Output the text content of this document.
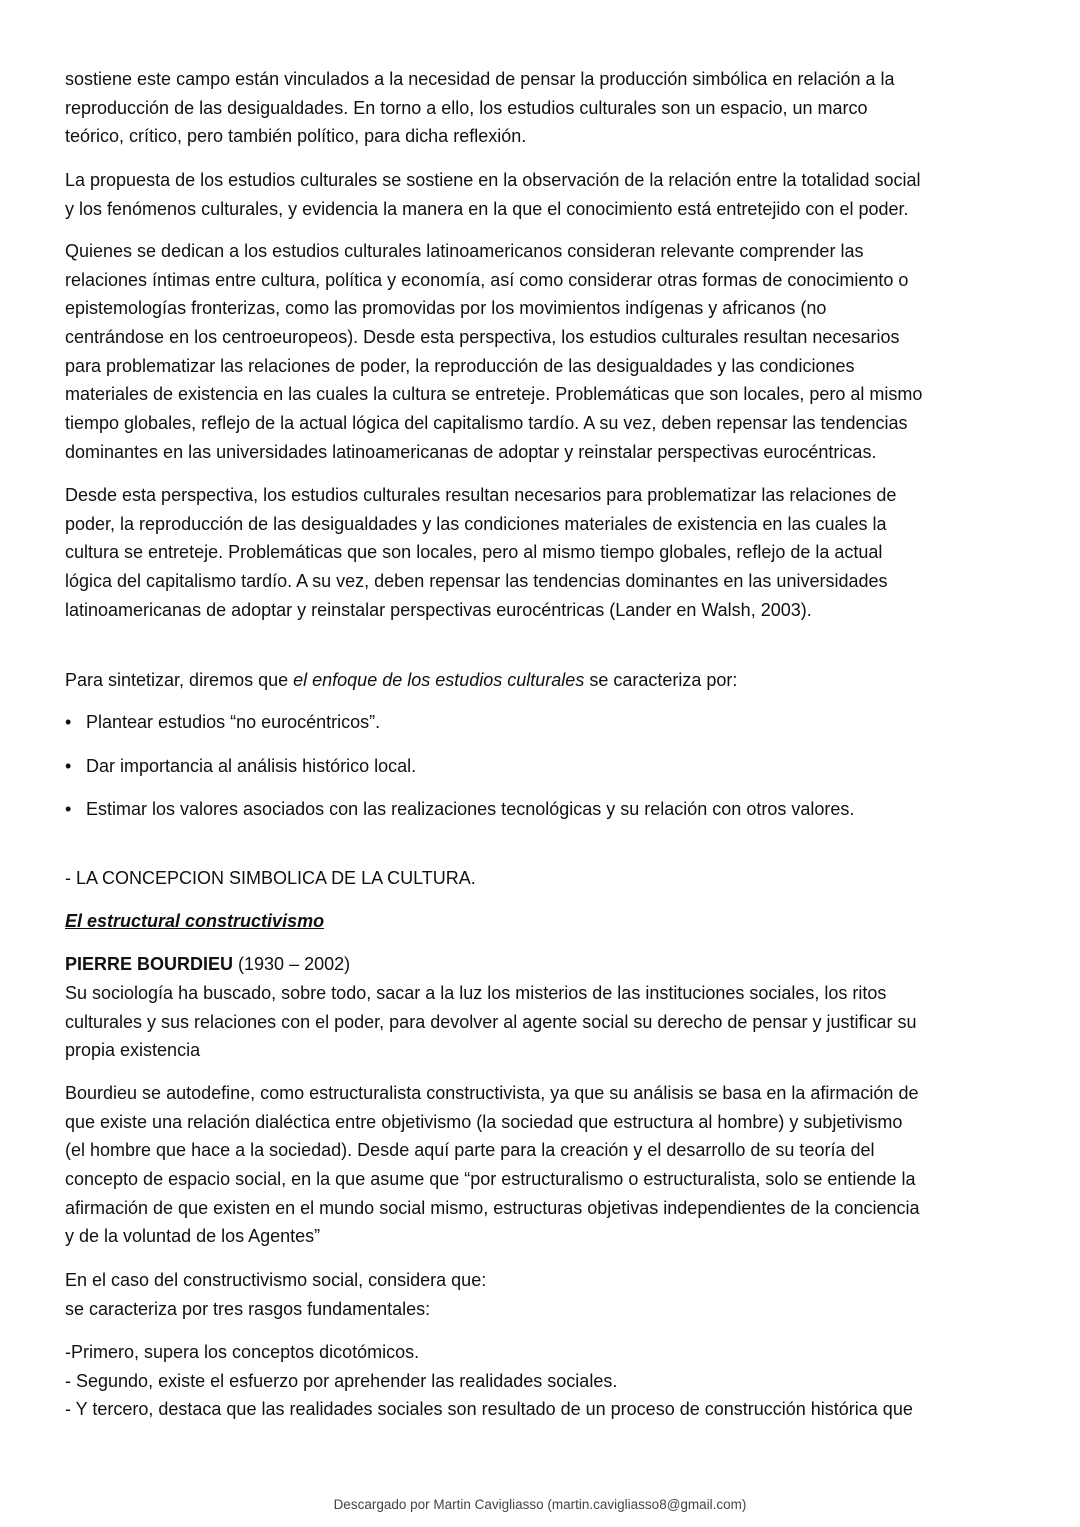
sostiene este campo están vinculados a la necesidad de pensar la producción simbólica en relación a la
reproducción de las desigualdades. En torno a ello, los estudios culturales son un espacio, un marco
teórico, crítico, pero también político, para dicha reflexión.
La propuesta de los estudios culturales se sostiene en la observación de la relación entre la totalidad social
y los fenómenos culturales, y evidencia la manera en la que el conocimiento está entretejido con el poder.
Quienes se dedican a los estudios culturales latinoamericanos consideran relevante comprender las
relaciones íntimas entre cultura, política y economía, así como considerar otras formas de conocimiento o
epistemologías fronterizas, como las promovidas por los movimientos indígenas y africanos (no
centrándose en los centroeuropeos). Desde esta perspectiva, los estudios culturales resultan necesarios
para problematizar las relaciones de poder, la reproducción de las desigualdades y las condiciones
materiales de existencia en las cuales la cultura se entreteje. Problemáticas que son locales, pero al mismo
tiempo globales, reflejo de la actual lógica del capitalismo tardío. A su vez, deben repensar las tendencias
dominantes en las universidades latinoamericanas de adoptar y reinstalar perspectivas eurocéntricas.
Desde esta perspectiva, los estudios culturales resultan necesarios para problematizar las relaciones de
poder, la reproducción de las desigualdades y las condiciones materiales de existencia en las cuales la
cultura se entreteje. Problemáticas que son locales, pero al mismo tiempo globales, reflejo de la actual
lógica del capitalismo tardío. A su vez, deben repensar las tendencias dominantes en las universidades
latinoamericanas de adoptar y reinstalar perspectivas eurocéntricas (Lander en Walsh, 2003).
Para sintetizar, diremos que el enfoque de los estudios culturales se caracteriza por:
• Plantear estudios “no eurocéntricos”.
• Dar importancia al análisis histórico local.
• Estimar los valores asociados con las realizaciones tecnológicas y su relación con otros valores.
- LA CONCEPCION SIMBOLICA DE LA CULTURA.
El estructural constructivismo
PIERRE BOURDIEU (1930 – 2002)
Su sociología ha buscado, sobre todo, sacar a la luz los misterios de las instituciones sociales, los ritos
culturales y sus relaciones con el poder, para devolver al agente social su derecho de pensar y justificar su
propia existencia
Bourdieu se autodefine, como estructuralista constructivista, ya que su análisis se basa en la afirmación de
que existe una relación dialéctica entre objetivismo (la sociedad que estructura al hombre) y subjetivismo
(el hombre que hace a la sociedad). Desde aquí parte para la creación y el desarrollo de su teoría del
concepto de espacio social, en la que asume que “por estructuralismo o estructuralista, solo se entiende la
afirmación de que existen en el mundo social mismo, estructuras objetivas independientes de la conciencia
y de la voluntad de los Agentes”
En el caso del constructivismo social, considera que:
se caracteriza por tres rasgos fundamentales:
-Primero, supera los conceptos dicotómicos.
- Segundo, existe el esfuerzo por aprehender las realidades sociales.
- Y tercero, destaca que las realidades sociales son resultado de un proceso de construcción histórica que
Descargado por Martin Cavigliasso (martin.cavigliasso8@gmail.com)
